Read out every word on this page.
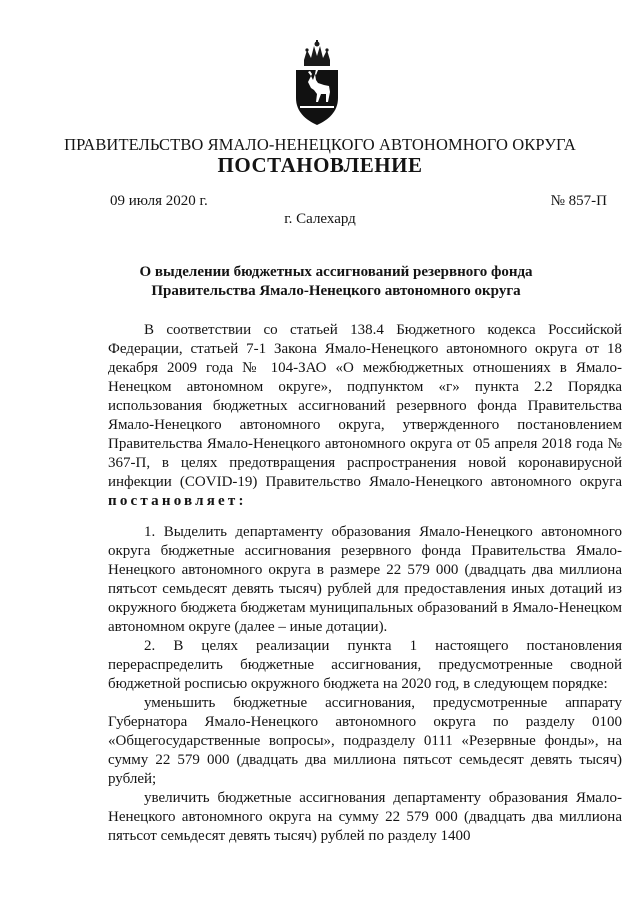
ПРАВИТЕЛЬСТВО ЯМАЛО-НЕНЕЦКОГО АВТОНОМНОГО ОКРУГА
ПОСТАНОВЛЕНИЕ
09 июля 2020 г.	№ 857-П
г. Салехард
О выделении бюджетных ассигнований резервного фонда
Правительства Ямало-Ненецкого автономного округа

В соответствии со статьей 138.4 Бюджетного кодекса Российской Федерации, статьей 7-1 Закона Ямало-Ненецкого автономного округа от 18 декабря 2009 года № 104-ЗАО «О межбюджетных отношениях в Ямало-Ненецком автономном округе», подпунктом «г» пункта 2.2 Порядка использования бюджетных ассигнований резервного фонда Правительства Ямало-Ненецкого автономного округа, утвержденного постановлением Правительства Ямало-Ненецкого автономного округа от 05 апреля 2018 года № 367-П, в целях предотвращения распространения новой коронавирусной инфекции (COVID-19) Правительство Ямало-Ненецкого автономного округа постановляет:

1. Выделить департаменту образования Ямало-Ненецкого автономного округа бюджетные ассигнования резервного фонда Правительства Ямало-Ненецкого автономного округа в размере 22 579 000 (двадцать два миллиона пятьсот семьдесят девять тысяч) рублей для предоставления иных дотаций из окружного бюджета бюджетам муниципальных образований в Ямало-Ненецком автономном округе (далее – иные дотации).

2. В целях реализации пункта 1 настоящего постановления перераспределить бюджетные ассигнования, предусмотренные сводной бюджетной росписью окружного бюджета на 2020 год, в следующем порядке:

уменьшить бюджетные ассигнования, предусмотренные аппарату Губернатора Ямало-Ненецкого автономного округа по разделу 0100 «Общегосударственные вопросы», подразделу 0111 «Резервные фонды», на сумму 22 579 000 (двадцать два миллиона пятьсот семьдесят девять тысяч) рублей;

увеличить бюджетные ассигнования департаменту образования Ямало-Ненецкого автономного округа на сумму 22 579 000 (двадцать два миллиона пятьсот семьдесят девять тысяч) рублей по разделу 1400
